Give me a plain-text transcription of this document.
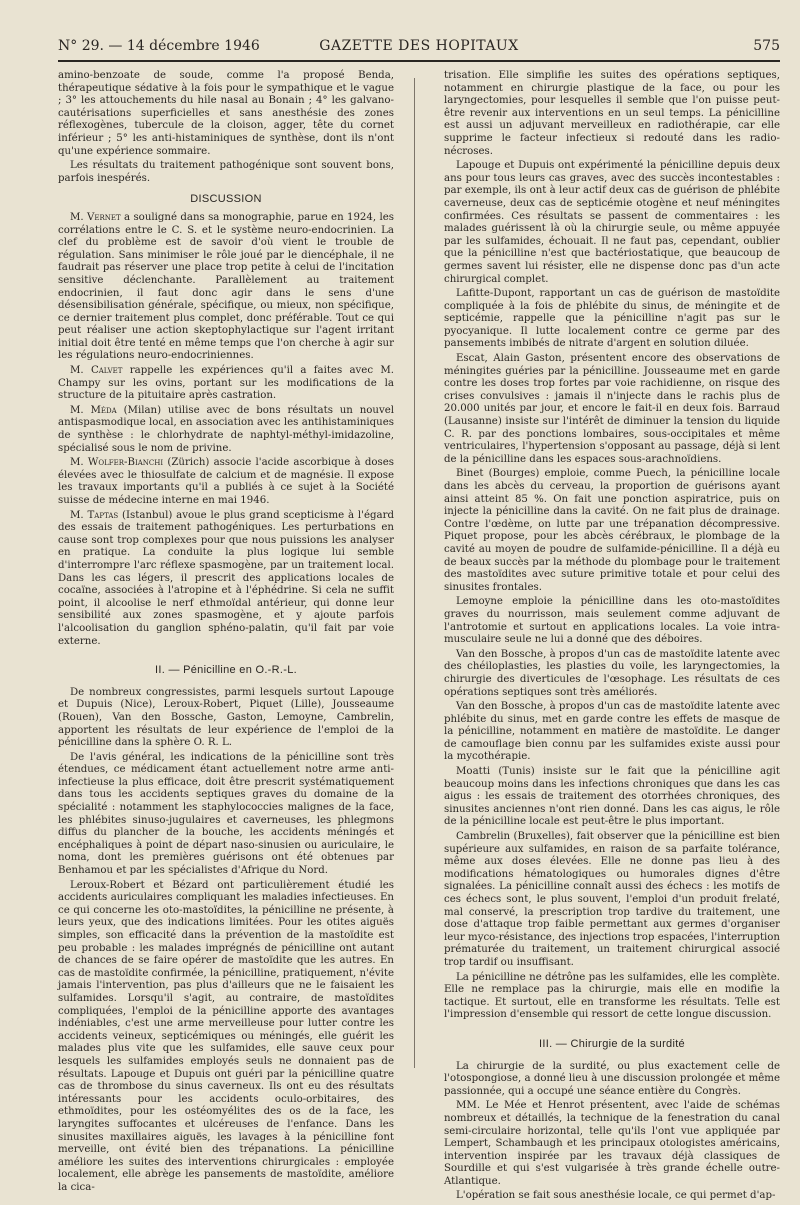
N° 29. — 14 décembre 1946	GAZETTE DES HOPITAUX	575

amino-benzoate de soude, comme l'a proposé Benda, thérapeutique sédative à la fois pour le sympathique et le vague ; 3° les attouchements du hile nasal au Bonain ; 4° les galvano-cautérisations superficielles et sans anesthésie des zones réflexogènes, tubercule de la cloison, agger, tête du cornet inférieur ; 5° les anti-histaminiques de synthèse, dont ils n'ont qu'une expérience sommaire.

Les résultats du traitement pathogénique sont souvent bons, parfois inespérés.

DISCUSSION

M. Vernet a souligné dans sa monographie, parue en 1924, les corrélations entre le C. S. et le système neuro-endocrinien. La clef du problème est de savoir d'où vient le trouble de régulation. Sans minimiser le rôle joué par le diencéphale, il ne faudrait pas réserver une place trop petite à celui de l'incitation sensitive déclenchante. Parallèlement au traitement endocrinien, il faut donc agir dans le sens d'une désensibilisation générale, spécifique, ou mieux, non spécifique, ce dernier traitement plus complet, donc préférable. Tout ce qui peut réaliser une action skeptophylactique sur l'agent irritant initial doit être tenté en même temps que l'on cherche à agir sur les régulations neuro-endocriniennes.

M. Calvet rappelle les expériences qu'il a faites avec M. Champy sur les ovins, portant sur les modifications de la structure de la pituitaire après castration.

M. Méda (Milan) utilise avec de bons résultats un nouvel antispasmodique local, en association avec les antihistaminiques de synthèse : le chlorhydrate de naphtyl-méthyl-imidazoline, spécialisé sous le nom de privine.

M. Wolfer-Bianchi (Zürich) associe l'acide ascorbique à doses élevées avec le thiosulfate de calcium et de magnésie. Il expose les travaux importants qu'il a publiés à ce sujet à la Société suisse de médecine interne en mai 1946.

M. Taptas (Istanbul) avoue le plus grand scepticisme à l'égard des essais de traitement pathogéniques. Les perturbations en cause sont trop complexes pour que nous puissions les analyser en pratique. La conduite la plus logique lui semble d'interrompre l'arc réflexe spasmogène, par un traitement local. Dans les cas légers, il prescrit des applications locales de cocaïne, associées à l'atropine et à l'éphédrine. Si cela ne suffit point, il alcoolise le nerf ethmoïdal antérieur, qui donne leur sensibilité aux zones spasmogène, et y ajoute parfois l'alcoolisation du ganglion sphéno-palatin, qu'il fait par voie externe.

II. — Pénicilline en O.-R.-L.

De nombreux congressistes, parmi lesquels surtout Lapouge et Dupuis (Nice), Leroux-Robert, Piquet (Lille), Jousseaume (Rouen), Van den Bossche, Gaston, Lemoyne, Cambrelin, apportent les résultats de leur expérience de l'emploi de la pénicilline dans la sphère O. R. L.

De l'avis général, les indications de la pénicilline sont très étendues, ce médicament étant actuellement notre arme anti-infectieuse la plus efficace, doit être prescrit systématiquement dans tous les accidents septiques graves du domaine de la spécialité : notamment les staphylococcies malignes de la face, les phlébites sinuso-jugulaires et caverneuses, les phlegmons diffus du plancher de la bouche, les accidents méningés et encéphaliques à point de départ naso-sinusien ou auriculaire, le noma, dont les premières guérisons ont été obtenues par Benhamou et par les spécialistes d'Afrique du Nord.

Leroux-Robert et Bézard ont particulièrement étudié les accidents auriculaires compliquant les maladies infectieuses. En ce qui concerne les oto-mastoïdites, la pénicilline ne présente, à leurs yeux, que des indications limitées. Pour les otites aiguës simples, son efficacité dans la prévention de la mastoïdite est peu probable : les malades imprégnés de pénicilline ont autant de chances de se faire opérer de mastoïdite que les autres. En cas de mastoïdite confirmée, la pénicilline, pratiquement, n'évite jamais l'intervention, pas plus d'ailleurs que ne le faisaient les sulfamides. Lorsqu'il s'agit, au contraire, de mastoïdites compliquées, l'emploi de la pénicilline apporte des avantages indéniables, c'est une arme merveilleuse pour lutter contre les accidents veineux, septicémiques ou méningés, elle guérit les malades plus vite que les sulfamides, elle sauve ceux pour lesquels les sulfamides employés seuls ne donnaient pas de résultats. Lapouge et Dupuis ont guéri par la pénicilline quatre cas de thrombose du sinus caverneux. Ils ont eu des résultats intéressants pour les accidents oculo-orbitaires, des ethmoïdites, pour les ostéomyélites des os de la face, les laryngites suffocantes et ulcéreuses de l'enfance. Dans les sinusites maxillaires aiguës, les lavages à la pénicilline font merveille, ont évité bien des trépanations. La pénicilline améliore les suites des interventions chirurgicales : employée localement, elle abrège les pansements de mastoïdite, améliore la cica-

trisation. Elle simplifie les suites des opérations septiques, notamment en chirurgie plastique de la face, ou pour les laryngectomies, pour lesquelles il semble que l'on puisse peut-être revenir aux interventions en un seul temps. La pénicilline est aussi un adjuvant merveilleux en radiothérapie, car elle supprime le facteur infectieux si redouté dans les radio-nécroses.

Lapouge et Dupuis ont expérimenté la pénicilline depuis deux ans pour tous leurs cas graves, avec des succès incontestables : par exemple, ils ont à leur actif deux cas de guérison de phlébite caverneuse, deux cas de septicémie otogène et neuf méningites confirmées. Ces résultats se passent de commentaires : les malades guérissent là où la chirurgie seule, ou même appuyée par les sulfamides, échouait. Il ne faut pas, cependant, oublier que la pénicilline n'est que bactériostatique, que beaucoup de germes savent lui résister, elle ne dispense donc pas d'un acte chirurgical complet.

Lafitte-Dupont, rapportant un cas de guérison de mastoïdite compliquée à la fois de phlébite du sinus, de méningite et de septicémie, rappelle que la pénicilline n'agit pas sur le pyocyanique. Il lutte localement contre ce germe par des pansements imbibés de nitrate d'argent en solution diluée.

Escat, Alain Gaston, présentent encore des observations de méningites guéries par la pénicilline. Jousseaume met en garde contre les doses trop fortes par voie rachidienne, on risque des crises convulsives : jamais il n'injecte dans le rachis plus de 20.000 unités par jour, et encore le fait-il en deux fois. Barraud (Lausanne) insiste sur l'intérêt de diminuer la tension du liquide C. R. par des ponctions lombaires, sous-occipitales et même ventriculaires, l'hypertension s'opposant au passage, déjà si lent de la pénicilline dans les espaces sous-arachnoïdiens.

Binet (Bourges) emploie, comme Puech, la pénicilline locale dans les abcès du cerveau, la proportion de guérisons ayant ainsi atteint 85 %. On fait une ponction aspiratrice, puis on injecte la pénicilline dans la cavité. On ne fait plus de drainage. Contre l'œdème, on lutte par une trépanation décompressive. Piquet propose, pour les abcès cérébraux, le plombage de la cavité au moyen de poudre de sulfamide-pénicilline. Il a déjà eu de beaux succès par la méthode du plombage pour le traitement des mastoïdites avec suture primitive totale et pour celui des sinusites frontales.

Lemoyne emploie la pénicilline dans les oto-mastoïdites graves du nourrisson, mais seulement comme adjuvant de l'antrotomie et surtout en applications locales. La voie intra-musculaire seule ne lui a donné que des déboires.

Van den Bossche, à propos d'un cas de mastoïdite latente avec des chéiloplasties, les plasties du voile, les laryngectomies, la chirurgie des diverticules de l'œsophage. Les résultats de ces opérations septiques sont très améliorés.

Van den Bossche, à propos d'un cas de mastoïdite latente avec phlébite du sinus, met en garde contre les effets de masque de la pénicilline, notamment en matière de mastoïdite. Le danger de camouflage bien connu par les sulfamides existe aussi pour la mycothérapie.

Moatti (Tunis) insiste sur le fait que la pénicilline agit beaucoup moins dans les infections chroniques que dans les cas aigus : les essais de traitement des otorrhées chroniques, des sinusites anciennes n'ont rien donné. Dans les cas aigus, le rôle de la pénicilline locale est peut-être le plus important.

Cambrelin (Bruxelles), fait observer que la pénicilline est bien supérieure aux sulfamides, en raison de sa parfaite tolérance, même aux doses élevées. Elle ne donne pas lieu à des modifications hématologiques ou humorales dignes d'être signalées. La pénicilline connaît aussi des échecs : les motifs de ces échecs sont, le plus souvent, l'emploi d'un produit frelaté, mal conservé, la prescription trop tardive du traitement, une dose d'attaque trop faible permettant aux germes d'organiser leur myco-résistance, des injections trop espacées, l'interruption prématurée du traitement, un traitement chirurgical associé trop tardif ou insuffisant.

La pénicilline ne détrône pas les sulfamides, elle les complète. Elle ne remplace pas la chirurgie, mais elle en modifie la tactique. Et surtout, elle en transforme les résultats. Telle est l'impression d'ensemble qui ressort de cette longue discussion.

III. — Chirurgie de la surdité

La chirurgie de la surdité, ou plus exactement celle de l'otospongiose, a donné lieu à une discussion prolongée et même passionnée, qui a occupé une séance entière du Congrès.

MM. Le Mée et Henrot présentent, avec l'aide de schémas nombreux et détaillés, la technique de la fenestration du canal semi-circulaire horizontal, telle qu'ils l'ont vue appliquée par Lempert, Schambaugh et les principaux otologistes américains, intervention inspirée par les travaux déjà classiques de Sourdille et qui s'est vulgarisée à très grande échelle outre-Atlantique.

L'opération se fait sous anesthésie locale, ce qui permet d'ap-
